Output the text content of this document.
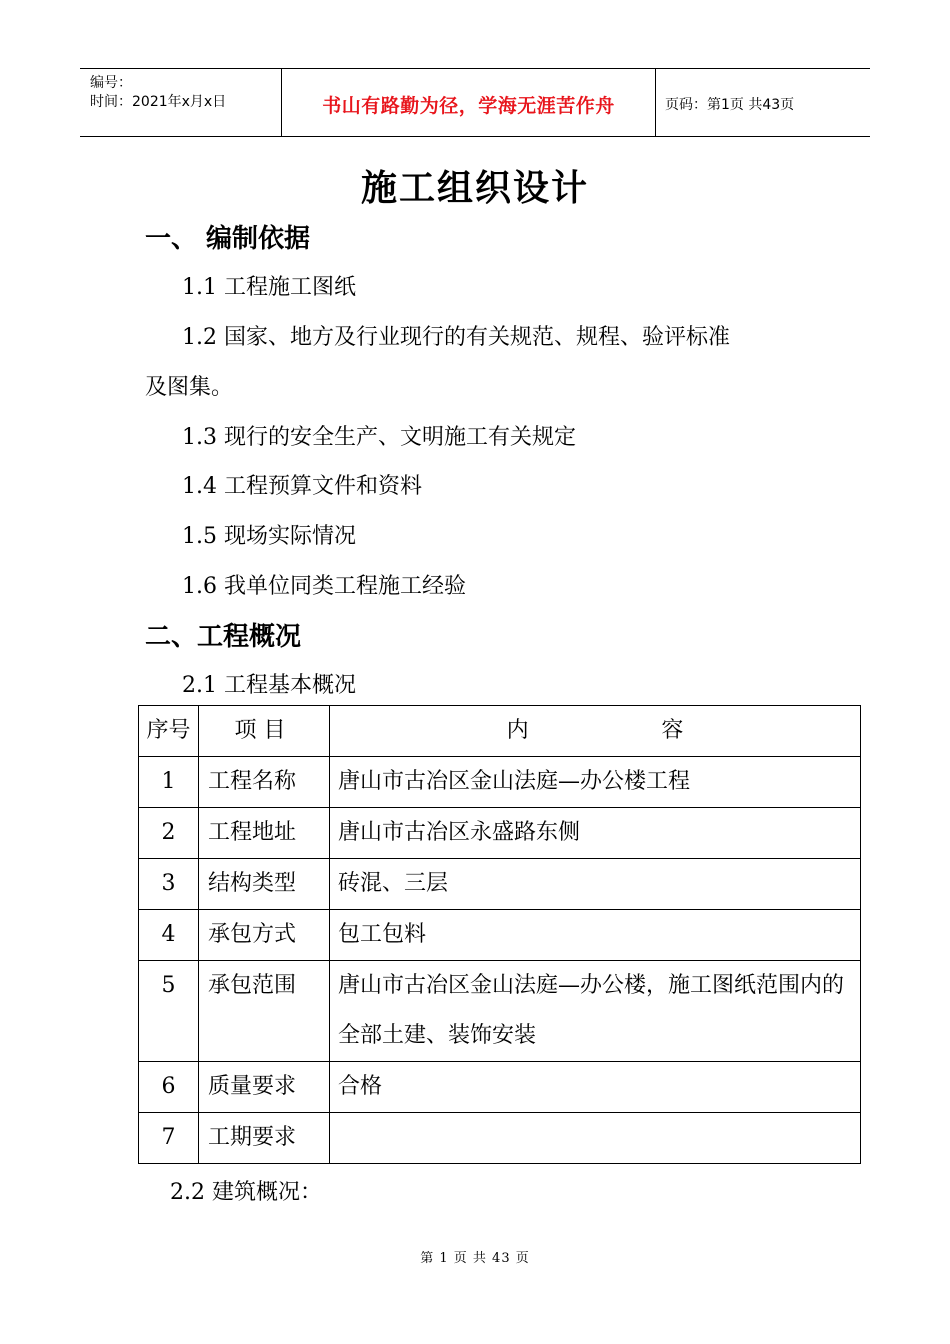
编号：
时间：2021年x月x日	书山有路勤为径，学海无涯苦作舟	页码：第1页 共43页
施工组织设计
一、 编制依据
1.1 工程施工图纸
1.2 国家、地方及行业现行的有关规范、规程、验评标准
及图集。
1.3 现行的安全生产、文明施工有关规定
1.4 工程预算文件和资料
1.5 现场实际情况
1.6 我单位同类工程施工经验
二、工程概况
2.1 工程基本概况
序号	项 目	内                   容
1	工程名称	唐山市古冶区金山法庭—办公楼工程
2	工程地址	唐山市古冶区永盛路东侧
3	结构类型	砖混、三层
4	承包方式	包工包料
5	承包范围	唐山市古冶区金山法庭—办公楼，施工图纸范围内的全部土建、装饰安装
6	质量要求	合格
7	工期要求	
2.2 建筑概况：
第 1 页 共 43 页
